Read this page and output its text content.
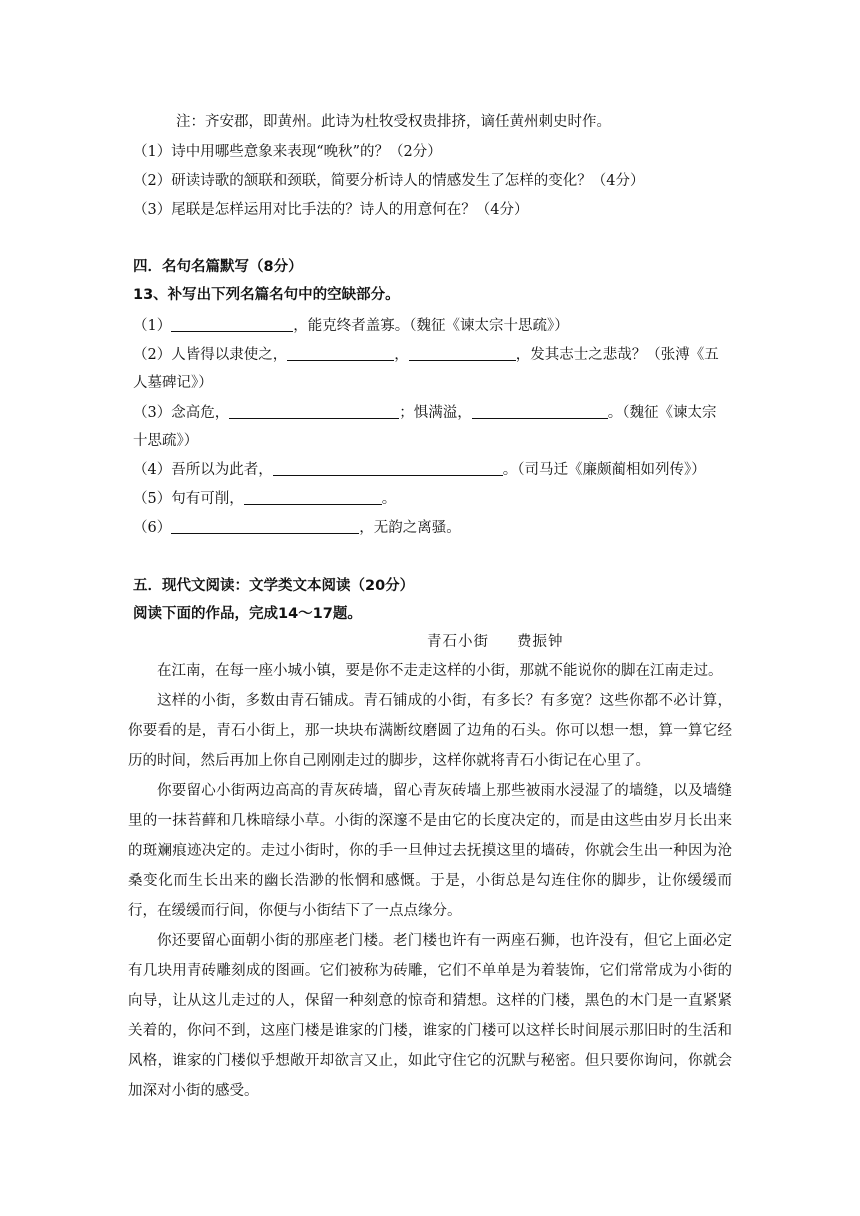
注：齐安郡，即黄州。此诗为杜牧受权贵排挤，谪任黄州刺史时作。
（1）诗中用哪些意象来表现“晚秋”的？（2分）
（2）研读诗歌的颔联和颈联，简要分析诗人的情感发生了怎样的变化？（4分）
（3）尾联是怎样运用对比手法的？诗人的用意何在？（4分）
四．名句名篇默写（8分）
13、补写出下列名篇名句中的空缺部分。
（1）	，能克终者盖寡。（魏征《谏太宗十思疏》）
（2）人皆得以隶使之，	，	，发其志士之悲哉？（张溥《五
人墓碑记》）
（3）念高危，	；惧满溢，	。（魏征《谏太宗
十思疏》）
（4）吾所以为此者，	。（司马迁《廉颇蔺相如列传》）
（5）句有可削，	。
（6）	，无韵之离骚。
五．现代文阅读：文学类文本阅读（20分）
阅读下面的作品，完成14～17题。
青石小街 费振钟

在江南，在每一座小城小镇，要是你不走走这样的小街，那就不能说你的脚在江南走过。

这样的小街，多数由青石铺成。青石铺成的小街，有多长？有多宽？这些你都不必计算，你要看的是，青石小街上，那一块块布满断纹磨圆了边角的石头。你可以想一想，算一算它经历的时间，然后再加上你自己刚刚走过的脚步，这样你就将青石小街记在心里了。

你要留心小街两边高高的青灰砖墙，留心青灰砖墙上那些被雨水浸湿了的墙缝，以及墙缝里的一抹苔藓和几株暗绿小草。小街的深邃不是由它的长度决定的，而是由这些由岁月长出来的斑斓痕迹决定的。走过小街时，你的手一旦伸过去抚摸这里的墙砖，你就会生出一种因为沧桑变化而生长出来的幽长浩渺的怅惘和感慨。于是，小街总是勾连住你的脚步，让你缓缓而行，在缓缓而行间，你便与小街结下了一点点缘分。

你还要留心面朝小街的那座老门楼。老门楼也许有一两座石狮，也许没有，但它上面必定有几块用青砖雕刻成的图画。它们被称为砖雕，它们不单单是为着装饰，它们常常成为小街的向导，让从这儿走过的人，保留一种刻意的惊奇和猜想。这样的门楼，黑色的木门是一直紧紧关着的，你问不到，这座门楼是谁家的门楼，谁家的门楼可以这样长时间展示那旧时的生活和风格，谁家的门楼似乎想敞开却欲言又止，如此守住它的沉默与秘密。但只要你询问，你就会加深对小街的感受。
